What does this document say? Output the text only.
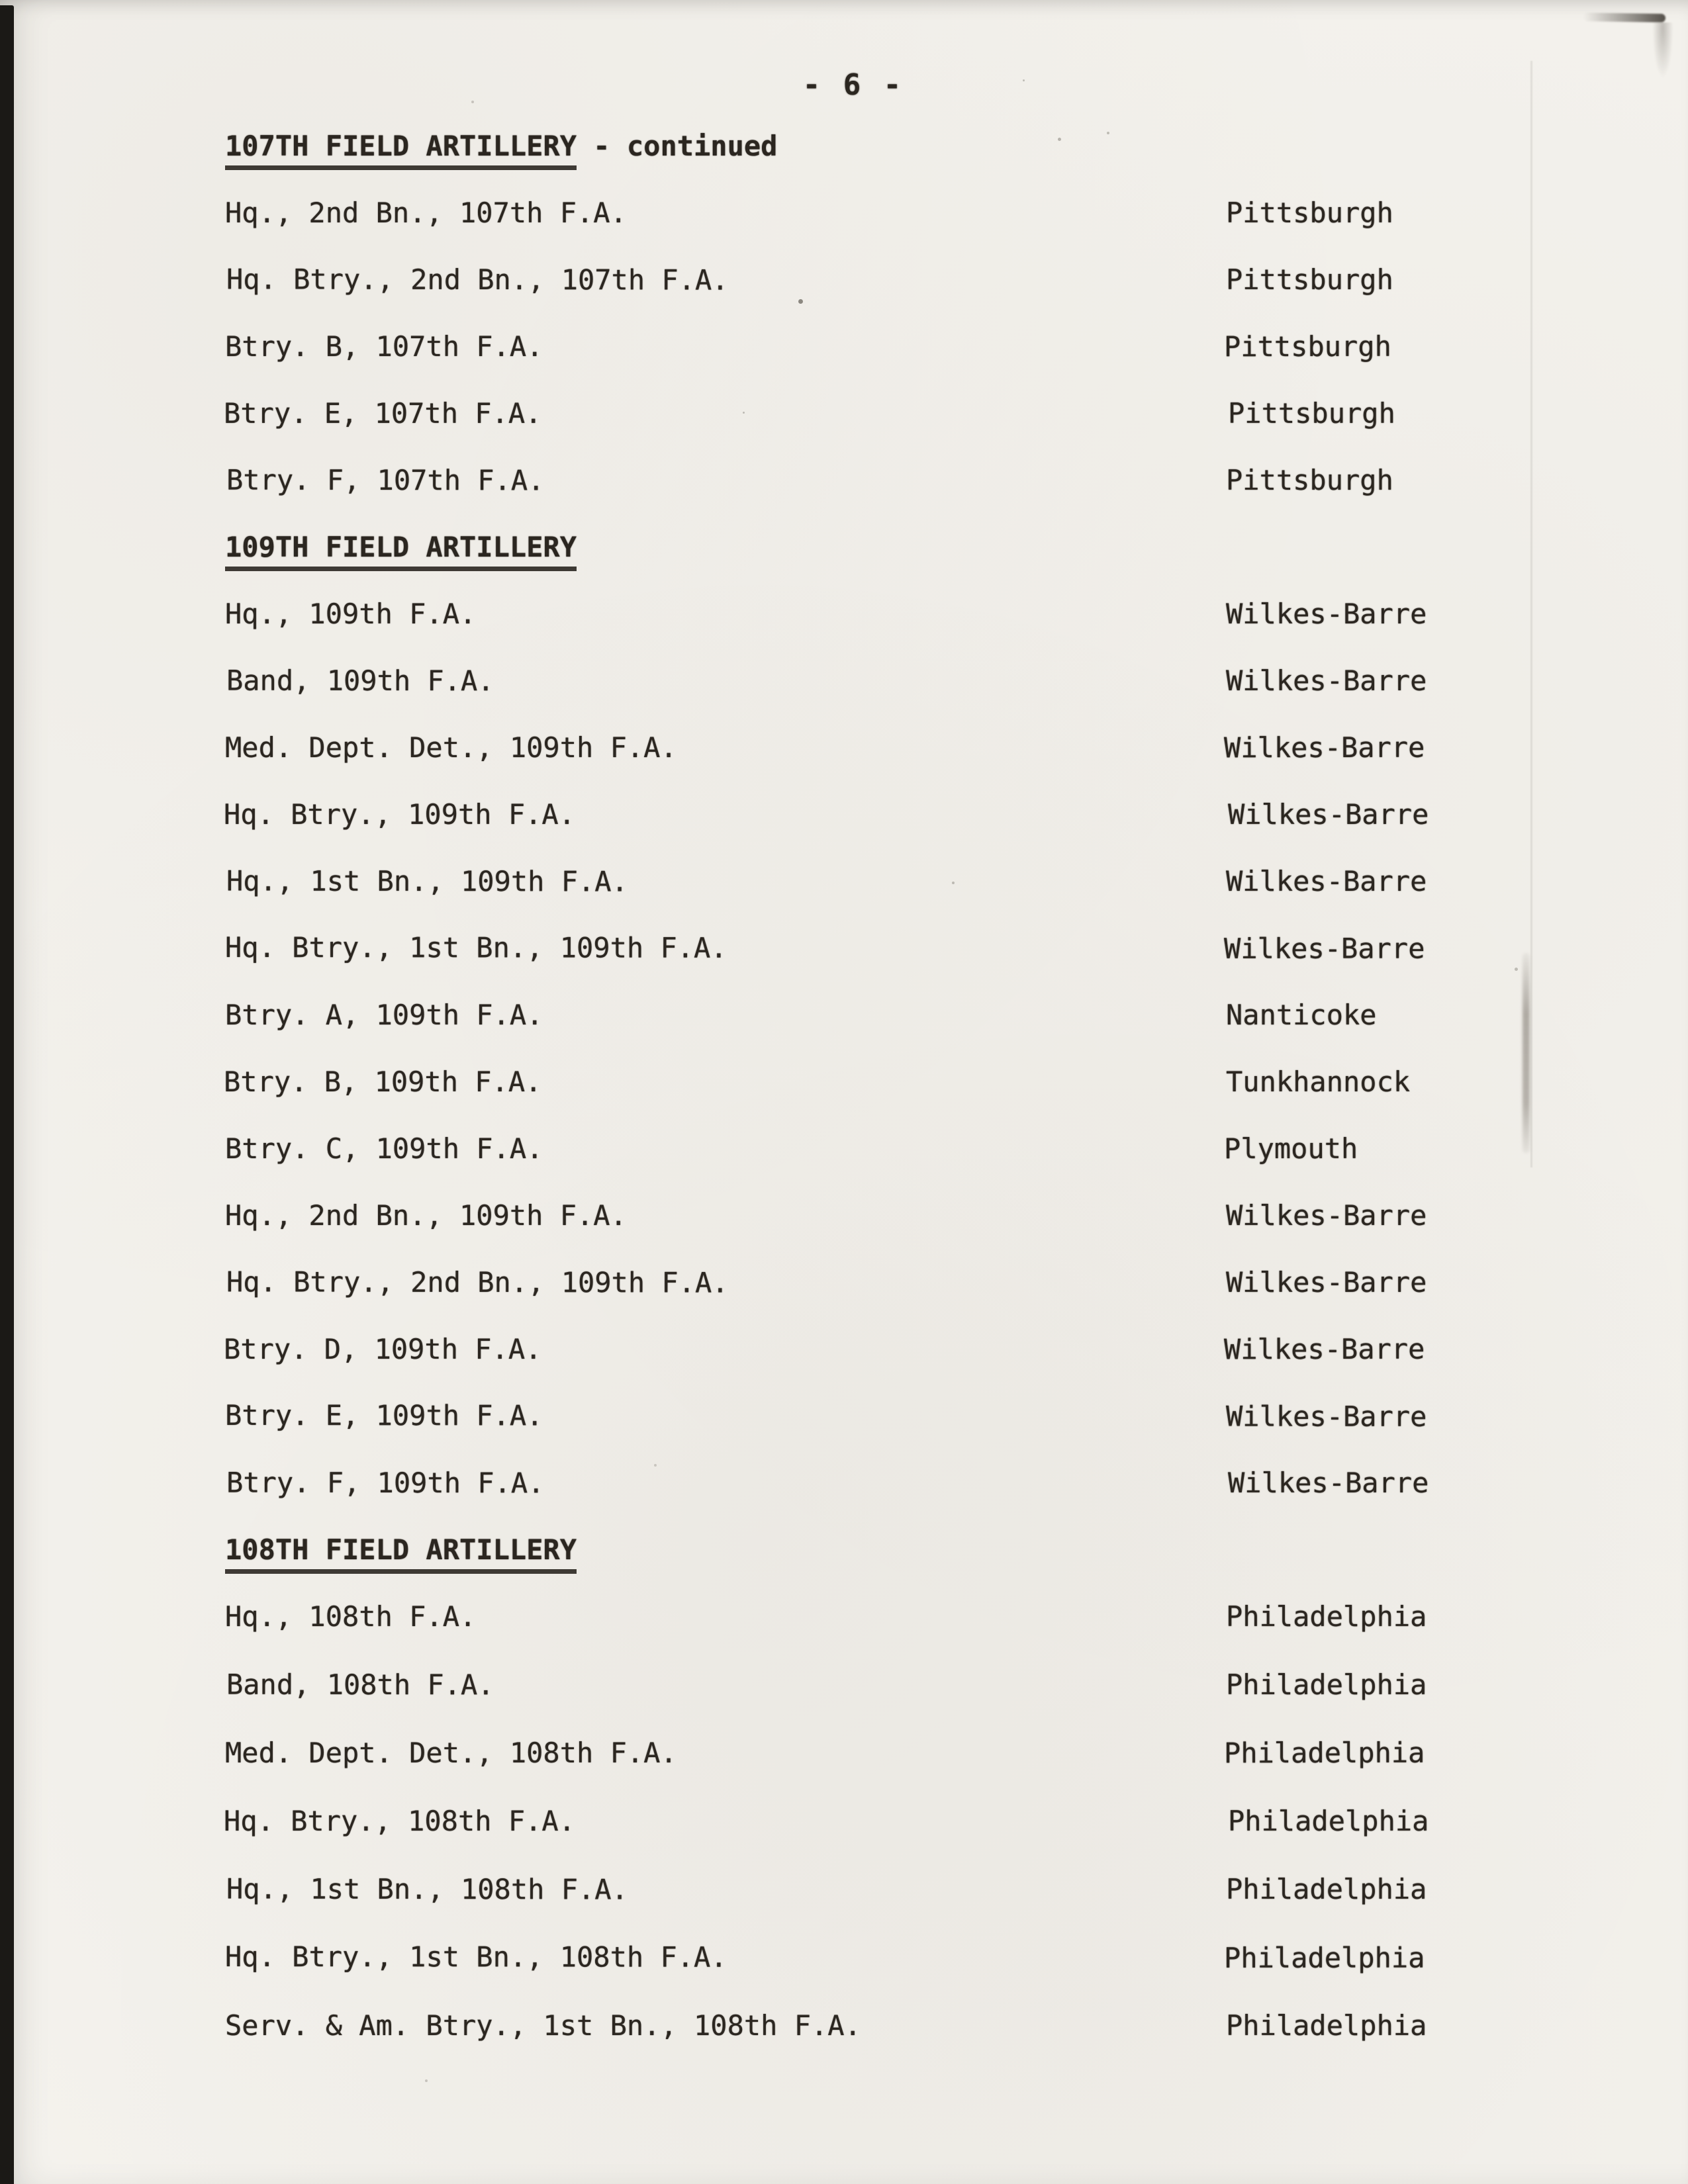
- 6 -
107TH FIELD ARTILLERY - continued
Hq., 2nd Bn., 107th F.A.	Pittsburgh
Hq. Btry., 2nd Bn., 107th F.A.	Pittsburgh
Btry. B, 107th F.A.	Pittsburgh
Btry. E, 107th F.A.	Pittsburgh
Btry. F, 107th F.A.	Pittsburgh
109TH FIELD ARTILLERY
Hq., 109th F.A.	Wilkes-Barre
Band, 109th F.A.	Wilkes-Barre
Med. Dept. Det., 109th F.A.	Wilkes-Barre
Hq. Btry., 109th F.A.	Wilkes-Barre
Hq., 1st Bn., 109th F.A.	Wilkes-Barre
Hq. Btry., 1st Bn., 109th F.A.	Wilkes-Barre
Btry. A, 109th F.A.	Nanticoke
Btry. B, 109th F.A.	Tunkhannock
Btry. C, 109th F.A.	Plymouth
Hq., 2nd Bn., 109th F.A.	Wilkes-Barre
Hq. Btry., 2nd Bn., 109th F.A.	Wilkes-Barre
Btry. D, 109th F.A.	Wilkes-Barre
Btry. E, 109th F.A.	Wilkes-Barre
Btry. F, 109th F.A.	Wilkes-Barre
108TH FIELD ARTILLERY
Hq., 108th F.A.	Philadelphia
Band, 108th F.A.	Philadelphia
Med. Dept. Det., 108th F.A.	Philadelphia
Hq. Btry., 108th F.A.	Philadelphia
Hq., 1st Bn., 108th F.A.	Philadelphia
Hq. Btry., 1st Bn., 108th F.A.	Philadelphia
Serv. & Am. Btry., 1st Bn., 108th F.A.	Philadelphia
